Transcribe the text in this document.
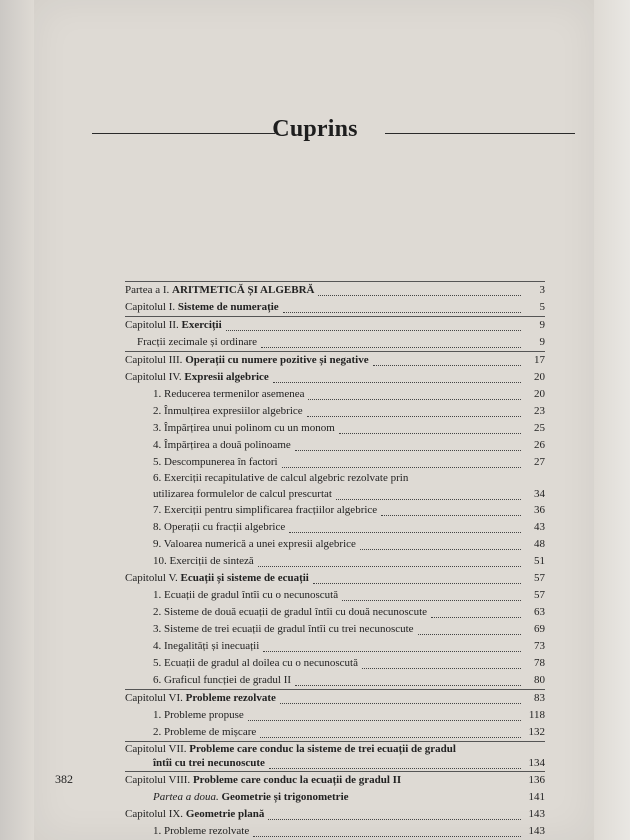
Cuprins
Partea a I. ARITMETICĂ ȘI ALGEBRĂ	3
Capitolul I. Sisteme de numerație	5
Capitolul II. Exerciții	9
Fracții zecimale și ordinare	9
Capitolul III. Operații cu numere pozitive și negative	17
Capitolul IV. Expresii algebrice	20
1. Reducerea termenilor asemenea	20
2. Înmulțirea expresiilor algebrice	23
3. Împărțirea unui polinom cu un monom	25
4. Împărțirea a două polinoame	26
5. Descompunerea în factori	27
6. Exerciții recapitulative de calcul algebric rezolvate prin
utilizarea formulelor de calcul prescurtat	34
7. Exerciții pentru simplificarea fracțiilor algebrice	36
8. Operații cu fracții algebrice	43
9. Valoarea numerică a unei expresii algebrice	48
10. Exerciții de sinteză	51
Capitolul V. Ecuații și sisteme de ecuații	57
1. Ecuații de gradul întîi cu o necunoscută	57
2. Sisteme de două ecuații de gradul întîi cu două necunoscute	63
3. Sisteme de trei ecuații de gradul întîi cu trei necunoscute	69
4. Inegalități și inecuații	73
5. Ecuații de gradul al doilea cu o necunoscută	78
6. Graficul funcției de gradul II	80
Capitolul VI. Probleme rezolvate	83
1. Probleme propuse	118
2. Probleme de mișcare	132
Capitolul VII. Probleme care conduc la sisteme de trei ecuații de gradul
întîi cu trei necunoscute	134
Capitolul VIII. Probleme care conduc la ecuații de gradul II	136
Partea a doua. Geometrie și trigonometrie	141
Capitolul IX. Geometrie plană	143
1. Probleme rezolvate	143
382
